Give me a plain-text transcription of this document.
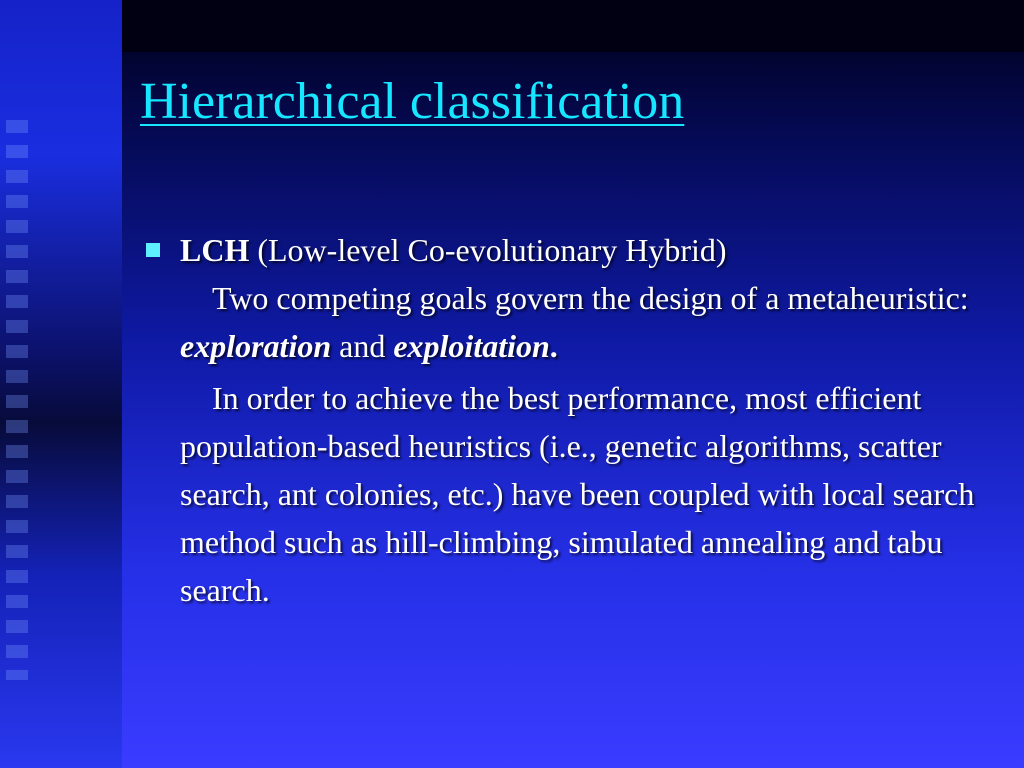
Hierarchical classification
LCH (Low-level Co-evolutionary Hybrid)

Two competing goals govern the design of a metaheuristic: exploration and exploitation.

In order to achieve the best performance, most efficient population-based heuristics (i.e., genetic algorithms, scatter search, ant colonies, etc.) have been coupled with local search method such as hill-climbing, simulated annealing and tabu search.
